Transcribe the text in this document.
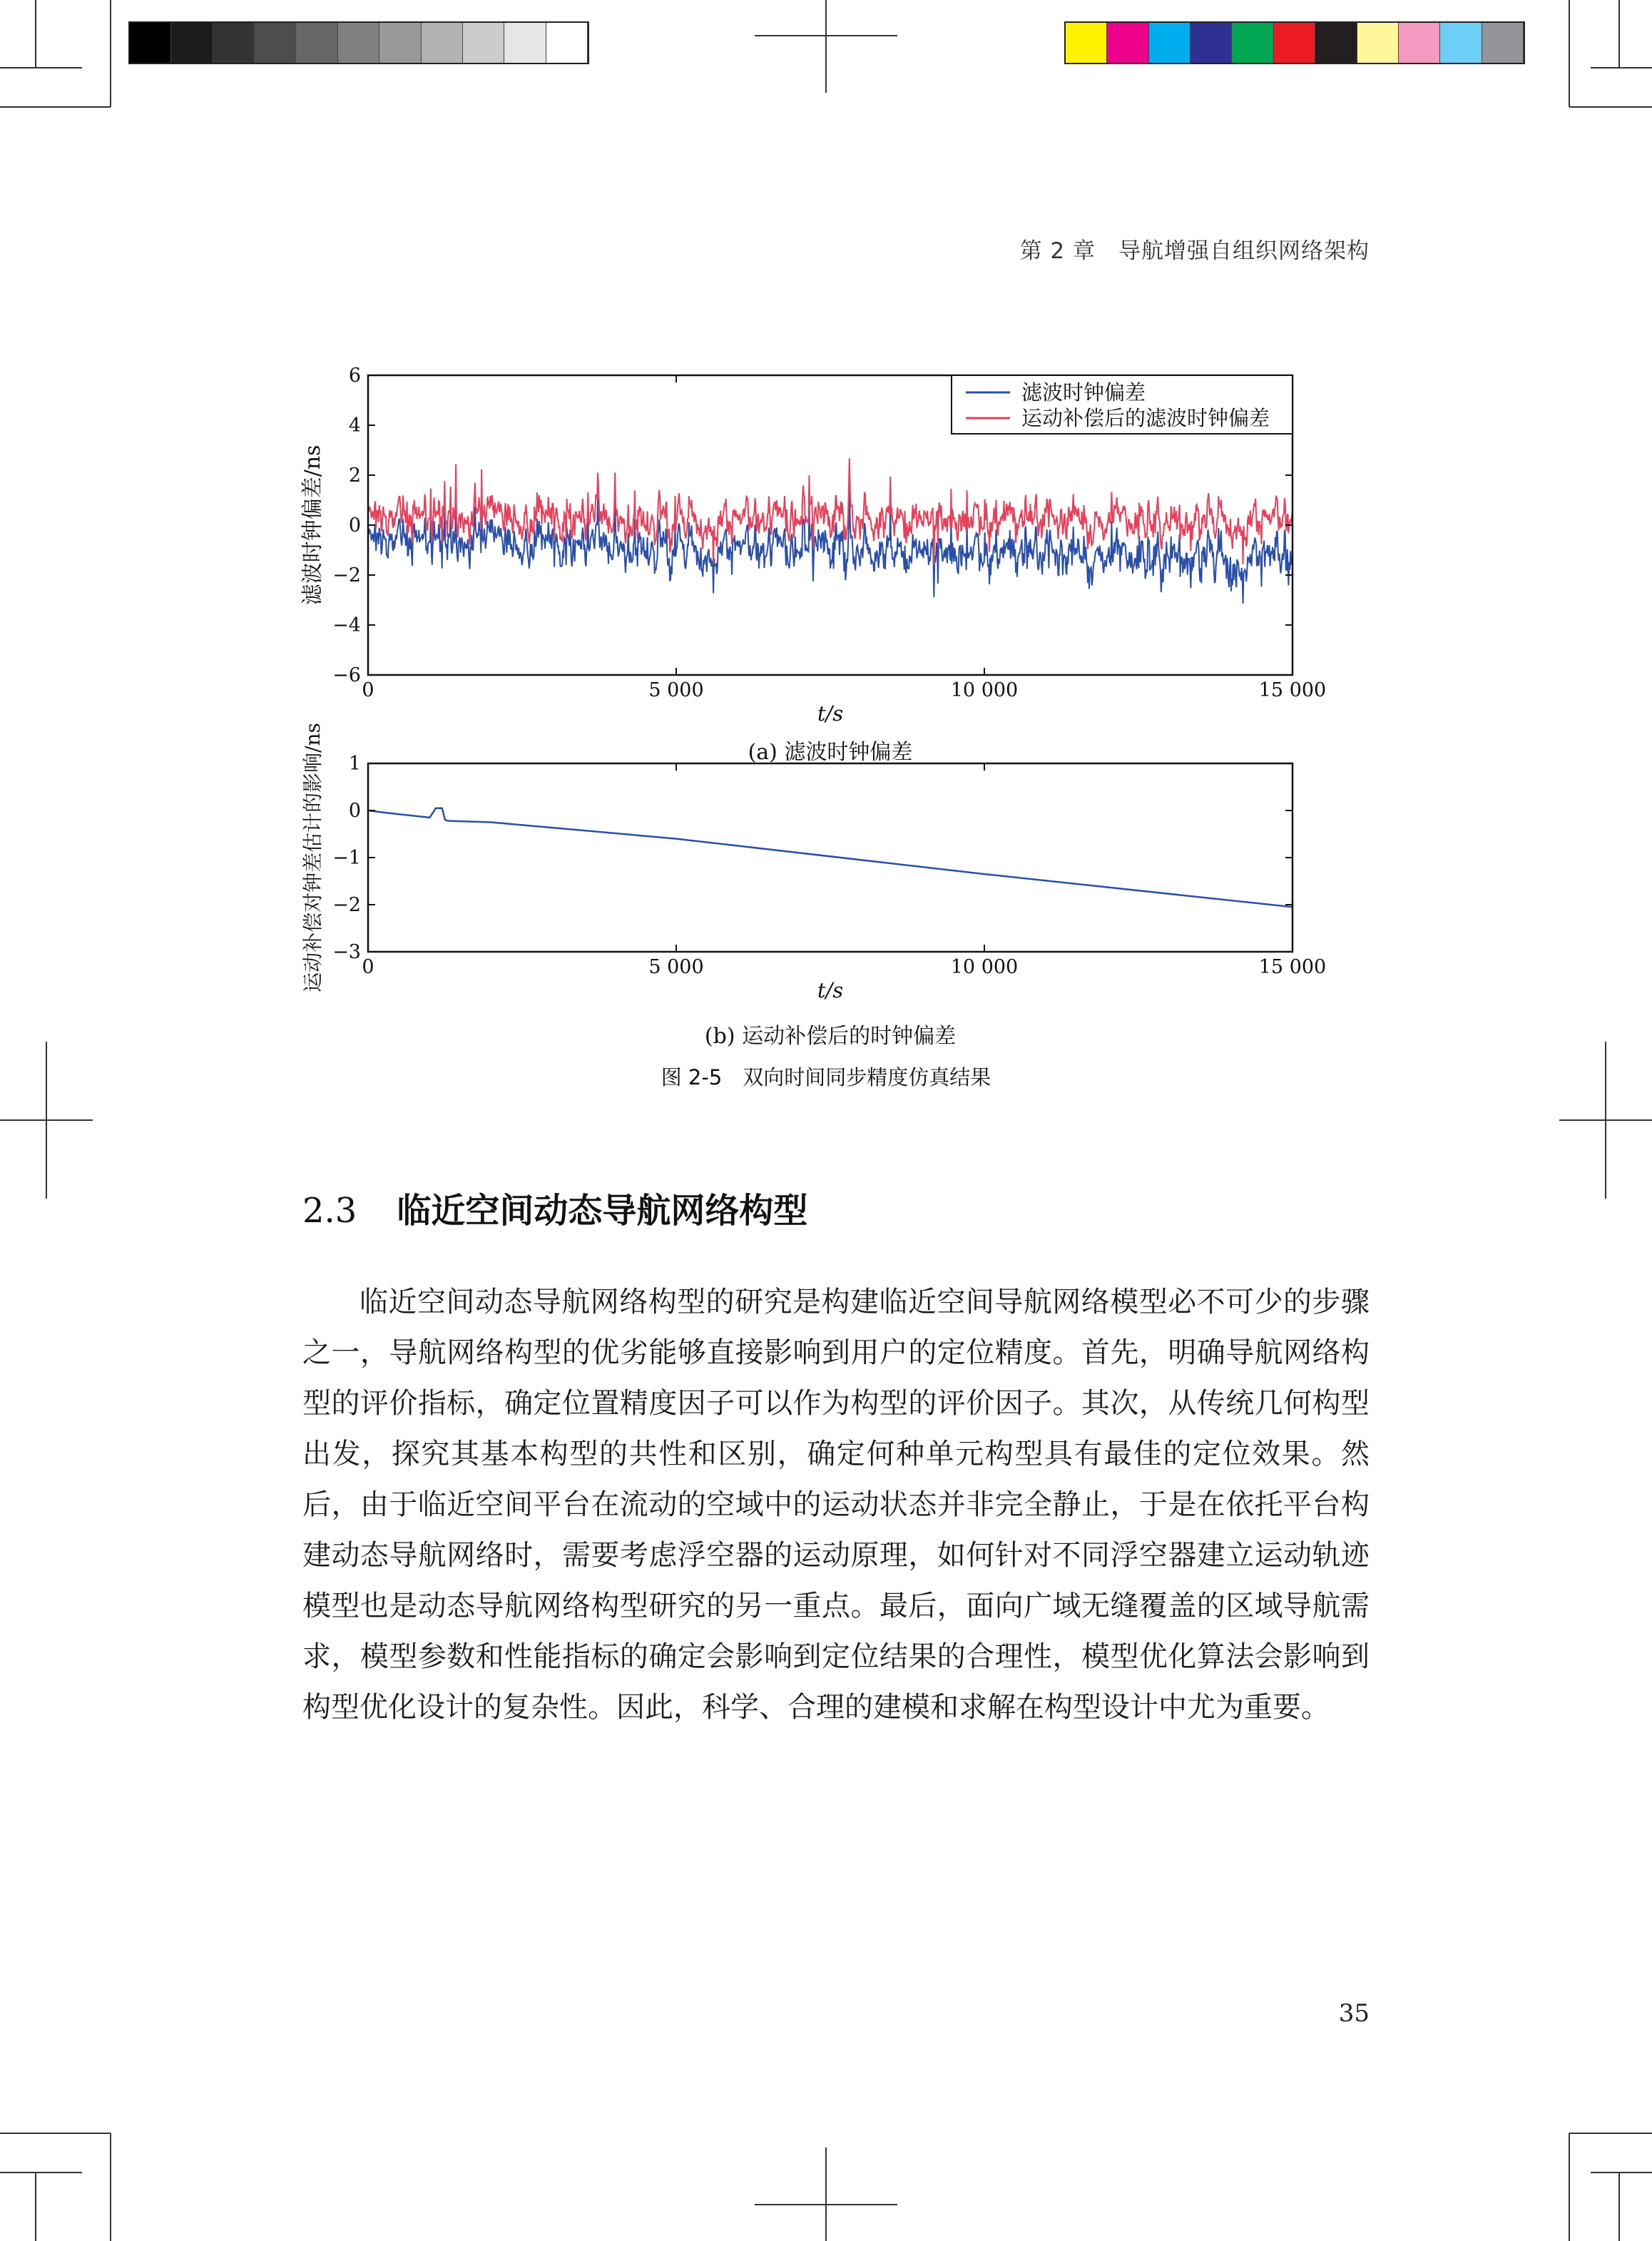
第 2 章　导航增强自组织网络架构
0	5 000	10 000	15 000
6
4
2
0
−2
−4
−6
t/s
滤波时钟偏差/ns
(a) 滤波时钟偏差
滤波时钟偏差
运动补偿后的滤波时钟偏差
0	5 000	10 000	15 000
1
0
−1
−2
−3
t/s
运动补偿对钟差估计的影响/ns
(b) 运动补偿后的时钟偏差
图 2-5　双向时间同步精度仿真结果
2.3 临近空间动态导航网络构型
临近空间动态导航网络构型的研究是构建临近空间导航网络模型必不可少的步骤之一，导航网络构型的优劣能够直接影响到用户的定位精度。首先，明确导航网络构型的评价指标，确定位置精度因子可以作为构型的评价因子。其次，从传统几何构型出发，探究其基本构型的共性和区别，确定何种单元构型具有最佳的定位效果。然后，由于临近空间平台在流动的空域中的运动状态并非完全静止，于是在依托平台构建动态导航网络时，需要考虑浮空器的运动原理，如何针对不同浮空器建立运动轨迹模型也是动态导航网络构型研究的另一重点。最后，面向广域无缝覆盖的区域导航需求，模型参数和性能指标的确定会影响到定位结果的合理性，模型优化算法会影响到构型优化设计的复杂性。因此，科学、合理的建模和求解在构型设计中尤为重要。
35
